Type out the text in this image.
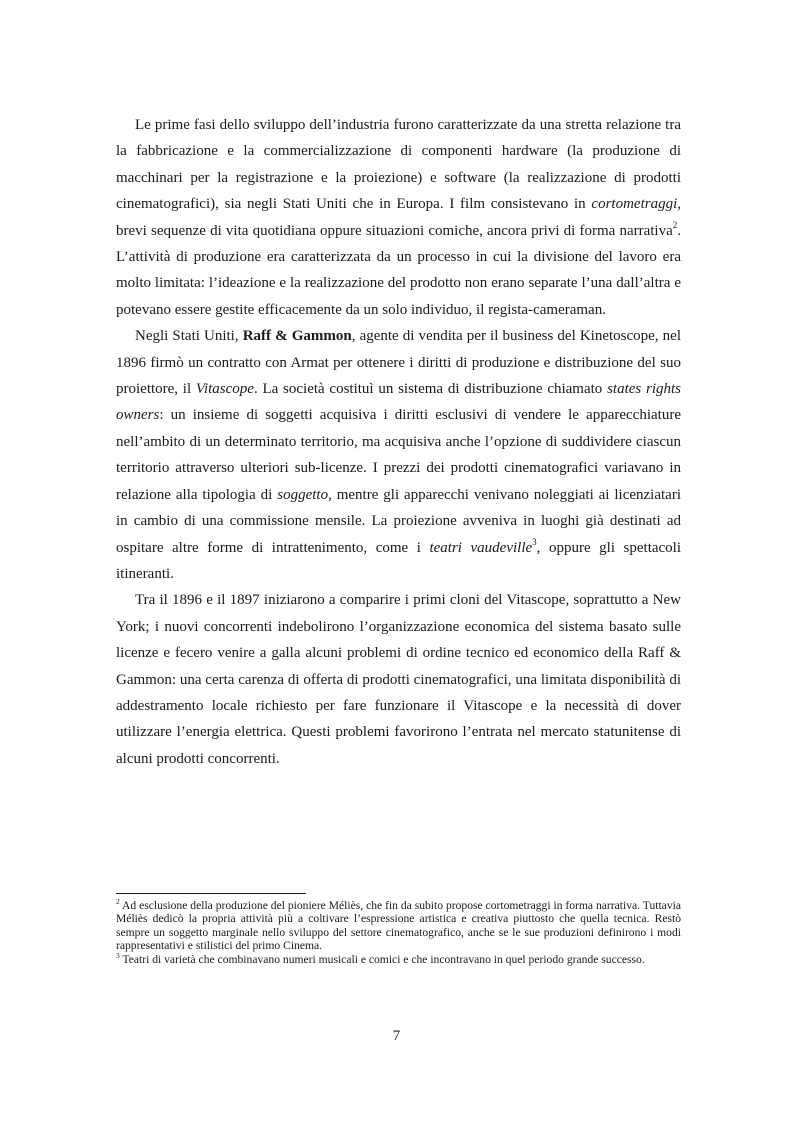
Le prime fasi dello sviluppo dell’industria furono caratterizzate da una stretta relazione tra la fabbricazione e la commercializzazione di componenti hardware (la produzione di macchinari per la registrazione e la proiezione) e software (la realizzazione di prodotti cinematografici), sia negli Stati Uniti che in Europa. I film consistevano in cortometraggi, brevi sequenze di vita quotidiana oppure situazioni comiche, ancora privi di forma narrativa$^2$. L’attività di produzione era caratterizzata da un processo in cui la divisione del lavoro era molto limitata: l’ideazione e la realizzazione del prodotto non erano separate l’una dall’altra e potevano essere gestite efficacemente da un solo individuo, il regista-cameraman.

Negli Stati Uniti, Raff & Gammon, agente di vendita per il business del Kinetoscope, nel 1896 firmò un contratto con Armat per ottenere i diritti di produzione e distribuzione del suo proiettore, il Vitascope. La società costituì un sistema di distribuzione chiamato states rights owners: un insieme di soggetti acquisiva i diritti esclusivi di vendere le apparecchiature nell’ambito di un determinato territorio, ma acquisiva anche l’opzione di suddividere ciascun territorio attraverso ulteriori sub-licenze. I prezzi dei prodotti cinematografici variavano in relazione alla tipologia di soggetto, mentre gli apparecchi venivano noleggiati ai licenziatari in cambio di una commissione mensile. La proiezione avveniva in luoghi già destinati ad ospitare altre forme di intrattenimento, come i teatri vaudeville$^3$, oppure gli spettacoli itineranti.

Tra il 1896 e il 1897 iniziarono a comparire i primi cloni del Vitascope, soprattutto a New York; i nuovi concorrenti indebolirono l’organizzazione economica del sistema basato sulle licenze e fecero venire a galla alcuni problemi di ordine tecnico ed economico della Raff & Gammon: una certa carenza di offerta di prodotti cinematografici, una limitata disponibilità di addestramento locale richiesto per fare funzionare il Vitascope e la necessità di dover utilizzare l’energia elettrica. Questi problemi favorirono l’entrata nel mercato statunitense di alcuni prodotti concorrenti.

$^2$ Ad esclusione della produzione del pioniere Méliès, che fin da subito propose cortometraggi in forma narrativa. Tuttavia Méliès dedicò la propria attività più a coltivare l’espressione artistica e creativa piuttosto che quella tecnica. Restò sempre un soggetto marginale nello sviluppo del settore cinematografico, anche se le sue produzioni definirono i modi rappresentativi e stilistici del primo Cinema.

$^3$ Teatri di varietà che combinavano numeri musicali e comici e che incontravano in quel periodo grande successo.

7
